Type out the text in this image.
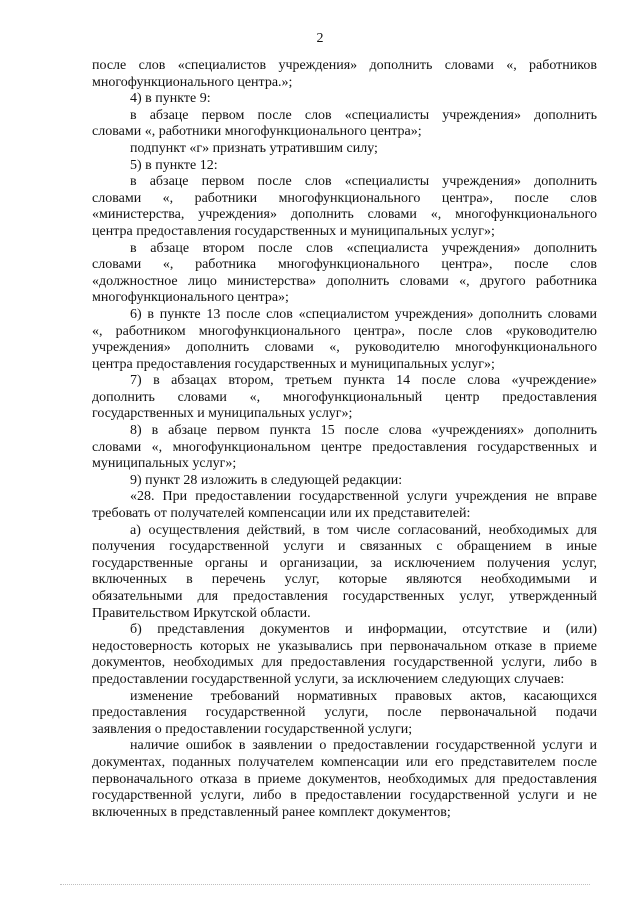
2
после слов «специалистов учреждения» дополнить словами «, работников
многофункционального центра.»;
4) в пункте 9:
в абзаце первом после слов «специалисты учреждения» дополнить
словами «, работники многофункционального центра»;
подпункт «г» признать утратившим силу;
5) в пункте 12:
в абзаце первом после слов «специалисты учреждения» дополнить
словами «, работники многофункционального центра», после слов
«министерства, учреждения» дополнить словами «, многофункционального
центра предоставления государственных и муниципальных услуг»;
в абзаце втором после слов «специалиста учреждения» дополнить
словами «, работника многофункционального центра», после слов
«должностное лицо министерства» дополнить словами «, другого работника
многофункционального центра»;
6) в пункте 13 после слов «специалистом учреждения» дополнить словами
«, работником многофункционального центра», после слов «руководителю
учреждения» дополнить словами «, руководителю многофункционального
центра предоставления государственных и муниципальных услуг»;
7) в абзацах втором, третьем пункта 14 после слова «учреждение»
дополнить словами «, многофункциональный центр предоставления
государственных и муниципальных услуг»;
8) в абзаце первом пункта 15 после слова «учреждениях» дополнить
словами «, многофункциональном центре предоставления государственных и
муниципальных услуг»;
9) пункт 28 изложить в следующей редакции:
«28. При предоставлении государственной услуги учреждения не вправе
требовать от получателей компенсации или их представителей:
а) осуществления действий, в том числе согласований, необходимых для
получения государственной услуги и связанных с обращением в иные
государственные органы и организации, за исключением получения услуг,
включенных в перечень услуг, которые являются необходимыми и
обязательными для предоставления государственных услуг, утвержденный
Правительством Иркутской области.
б) представления документов и информации, отсутствие и (или)
недостоверность которых не указывались при первоначальном отказе в приеме
документов, необходимых для предоставления государственной услуги, либо в
предоставлении государственной услуги, за исключением следующих случаев:
изменение требований нормативных правовых актов, касающихся
предоставления государственной услуги, после первоначальной подачи
заявления о предоставлении государственной услуги;
наличие ошибок в заявлении о предоставлении государственной услуги и
документах, поданных получателем компенсации или его представителем после
первоначального отказа в приеме документов, необходимых для предоставления
государственной услуги, либо в предоставлении государственной услуги и не
включенных в представленный ранее комплект документов;
